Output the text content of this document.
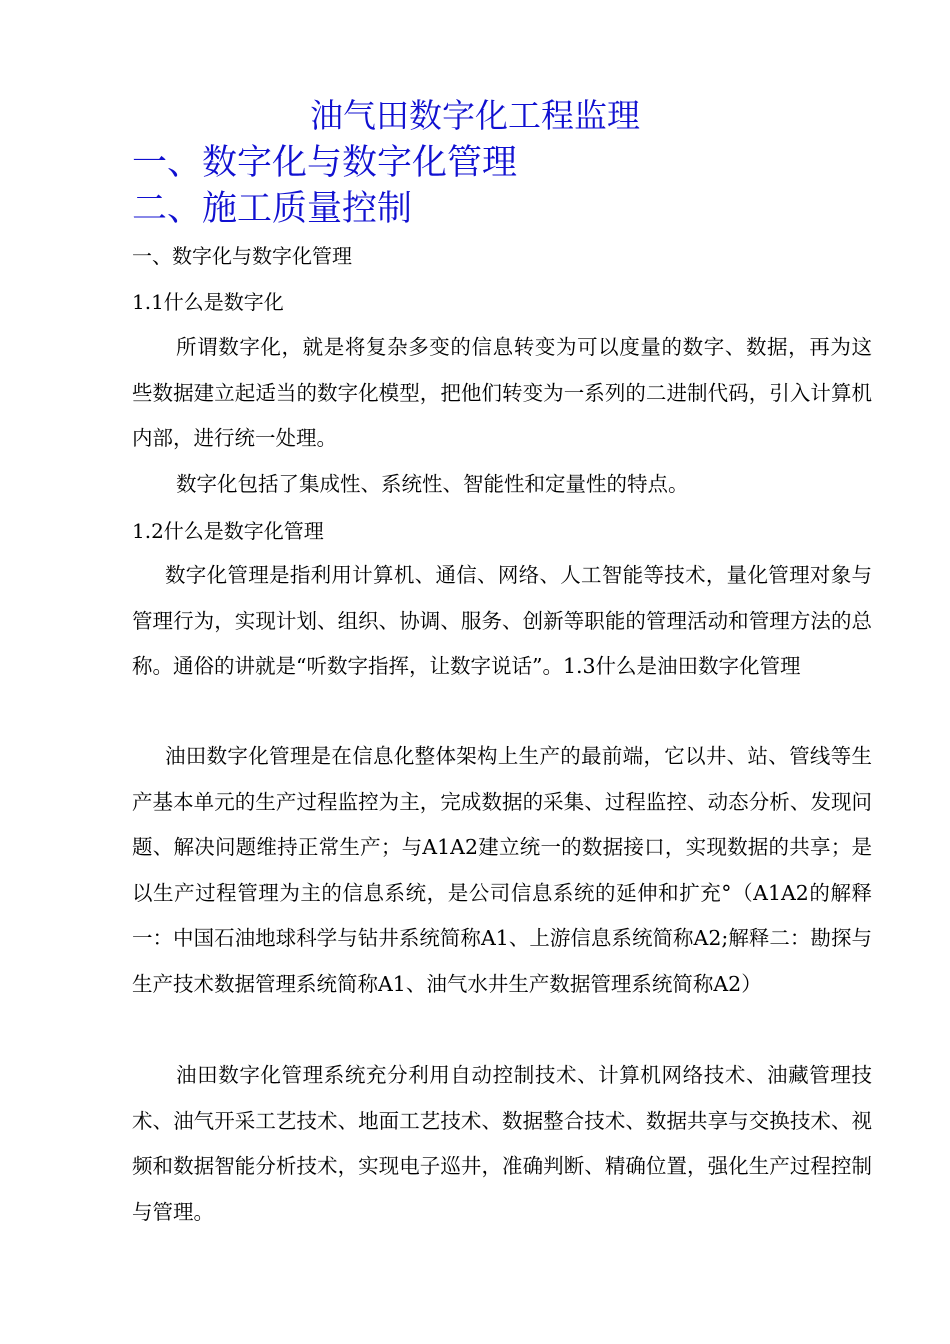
油气田数字化工程监理
一、数字化与数字化管理
二、施工质量控制
一、数字化与数字化管理
1.1什么是数字化
所谓数字化，就是将复杂多变的信息转变为可以度量的数字、数据，再为这些数据建立起适当的数字化模型，把他们转变为一系列的二进制代码，引入计算机内部，进行统一处理。
数字化包括了集成性、系统性、智能性和定量性的特点。
1.2什么是数字化管理
数字化管理是指利用计算机、通信、网络、人工智能等技术，量化管理对象与管理行为，实现计划、组织、协调、服务、创新等职能的管理活动和管理方法的总称。通俗的讲就是“听数字指挥，让数字说话”。1.3什么是油田数字化管理
油田数字化管理是在信息化整体架构上生产的最前端，它以井、站、管线等生产基本单元的生产过程监控为主，完成数据的采集、过程监控、动态分析、发现问题、解决问题维持正常生产；与A1A2建立统一的数据接口，实现数据的共享；是以生产过程管理为主的信息系统，是公司信息系统的延伸和扩充°（A1A2的解释一：中国石油地球科学与钻井系统简称A1、上游信息系统简称A2;解释二：勘探与生产技术数据管理系统简称A1、油气水井生产数据管理系统简称A2）
油田数字化管理系统充分利用自动控制技术、计算机网络技术、油藏管理技术、油气开采工艺技术、地面工艺技术、数据整合技术、数据共享与交换技术、视频和数据智能分析技术，实现电子巡井，准确判断、精确位置，强化生产过程控制与管理。
